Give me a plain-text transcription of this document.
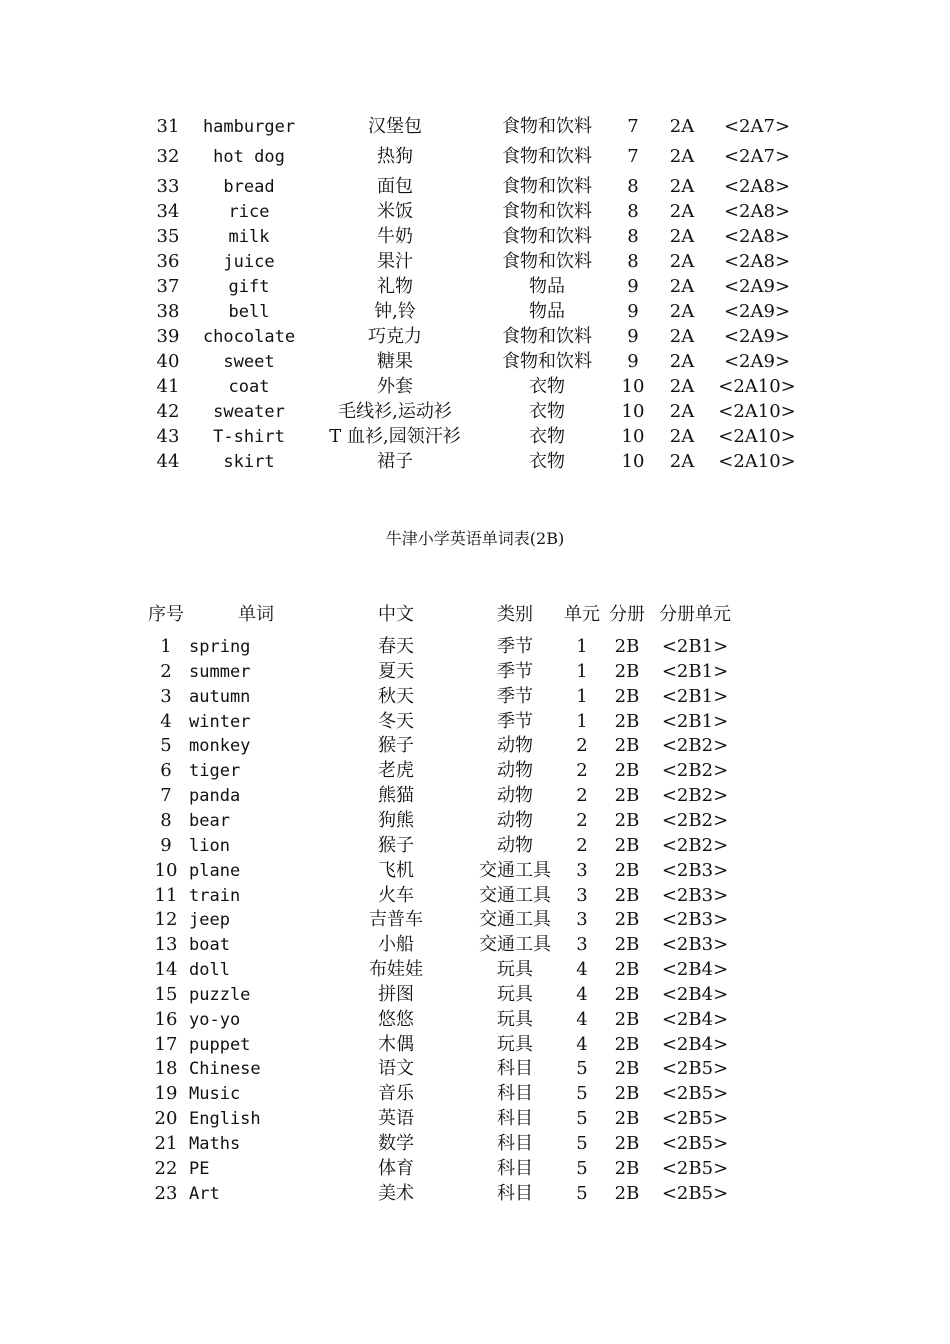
31 hamburger	汉堡包	食物和饮料 7 2A <2A7>
32 hot dog	热狗	食物和饮料 7 2A <2A7>
33	bread	面包	食物和饮料 8 2A <2A8>
34	rice	米饭	食物和饮料 8 2A <2A8>
35	milk	牛奶	食物和饮料 8 2A <2A8>
36	juice	果汁	食物和饮料 8 2A <2A8>
37	gift	礼物	物品	9 2A <2A9>
38	bell	钟,铃	物品	9 2A <2A9>
39 chocolate	巧克力	食物和饮料 9 2A <2A9>
40	sweet	糖果	食物和饮料 9 2A <2A9>
41	coat	外套	衣物	10 2A <2A10>
42 sweater	毛线衫,运动衫	衣物	10 2A <2A10>
43 T-shirt T 血衫,园领汗衫	衣物	10 2A <2A10>
44	skirt	裙子	衣物	10 2A <2A10>
牛津小学英语单词表(2B)
序号	单词	中文	类别 单元 分册 分册单元
1 spring	春天	季节 1 2B <2B1>
2 summer	夏天	季节 1 2B <2B1>
3 autumn	秋天	季节 1 2B <2B1>
4 winter	冬天	季节 1 2B <2B1>
5 monkey	猴子	动物 2 2B <2B2>
6 tiger	老虎	动物 2 2B <2B2>
7 panda	熊猫	动物 2 2B <2B2>
8 bear	狗熊	动物 2 2B <2B2>
9 lion	猴子	动物 2 2B <2B2>
10 plane	飞机	交通工具 3 2B <2B3>
11 train	火车	交通工具 3 2B <2B3>
12 jeep	吉普车	交通工具 3 2B <2B3>
13 boat	小船	交通工具 3 2B <2B3>
14 doll	布娃娃	玩具 4 2B <2B4>
15 puzzle	拼图	玩具 4 2B <2B4>
16 yo-yo	悠悠	玩具 4 2B <2B4>
17 puppet	木偶	玩具 4 2B <2B4>
18 Chinese	语文	科目 5 2B <2B5>
19 Music	音乐	科目 5 2B <2B5>
20 English	英语	科目 5 2B <2B5>
21 Maths	数学	科目 5 2B <2B5>
22 PE	体育	科目 5 2B <2B5>
23 Art	美术	科目 5 2B <2B5>
